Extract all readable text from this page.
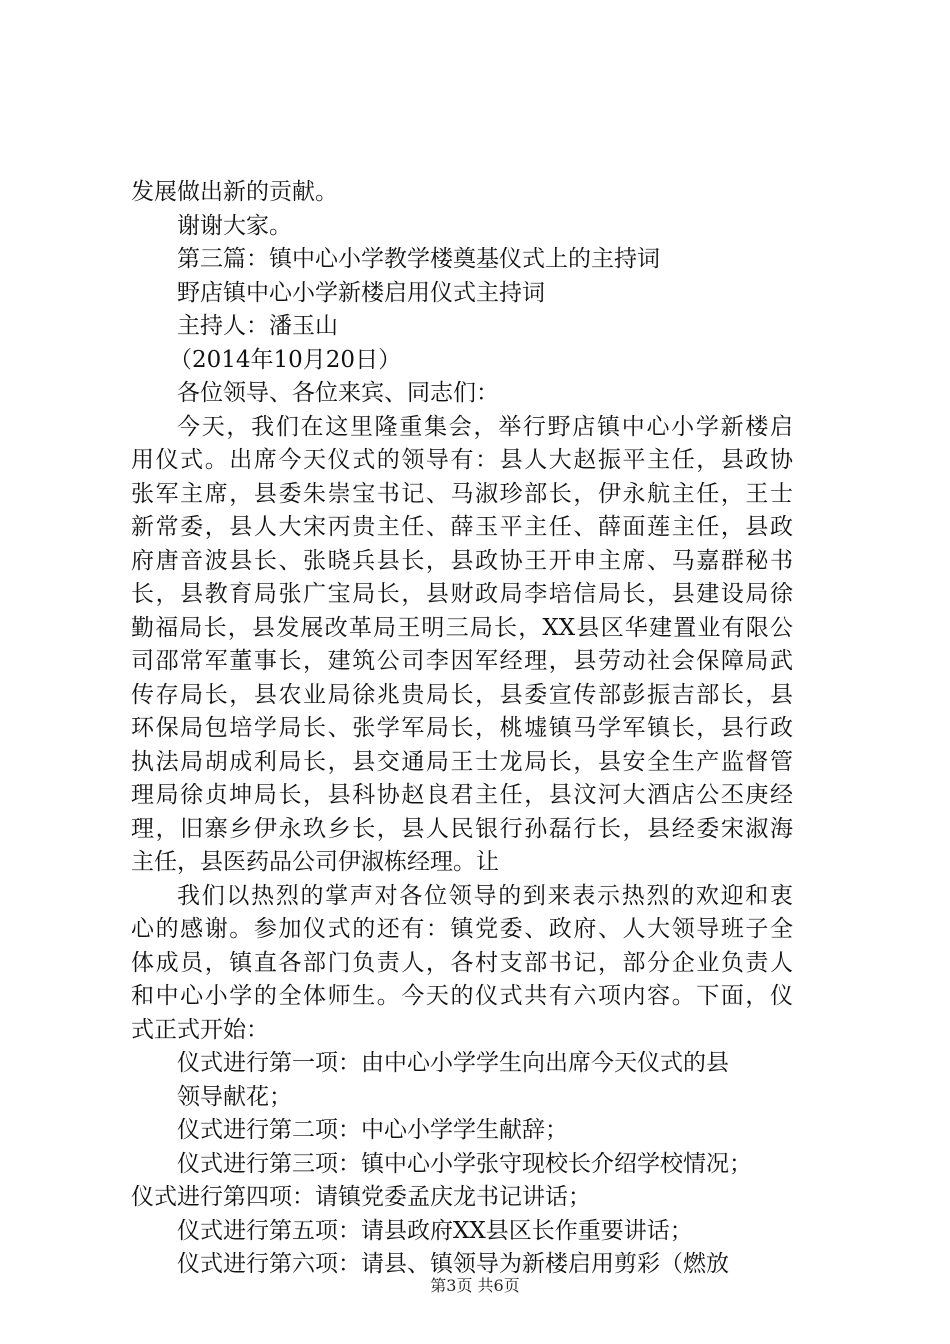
发展做出新的贡献。
谢谢大家。
第三篇：镇中心小学教学楼奠基仪式上的主持词
野店镇中心小学新楼启用仪式主持词
主持人：潘玉山
（2014年10月20日）
各位领导、各位来宾、同志们：
今天，我们在这里隆重集会，举行野店镇中心小学新楼启
用仪式。出席今天仪式的领导有：县人大赵振平主任，县政协
张军主席，县委朱崇宝书记、马淑珍部长，伊永航主任，王士
新常委，县人大宋丙贵主任、薛玉平主任、薛面莲主任，县政
府唐音波县长、张晓兵县长，县政协王开申主席、马嘉群秘书
长，县教育局张广宝局长，县财政局李培信局长，县建设局徐
勤福局长，县发展改革局王明三局长，XX县区华建置业有限公
司邵常军董事长，建筑公司李因军经理，县劳动社会保障局武
传存局长，县农业局徐兆贵局长，县委宣传部彭振吉部长，县
环保局包培学局长、张学军局长，桃墟镇马学军镇长，县行政
执法局胡成利局长，县交通局王士龙局长，县安全生产监督管
理局徐贞坤局长，县科协赵良君主任，县汶河大酒店公丕庚经
理，旧寨乡伊永玖乡长，县人民银行孙磊行长，县经委宋淑海
主任，县医药品公司伊淑栋经理。让
我们以热烈的掌声对各位领导的到来表示热烈的欢迎和衷
心的感谢。参加仪式的还有：镇党委、政府、人大领导班子全
体成员，镇直各部门负责人，各村支部书记，部分企业负责人
和中心小学的全体师生。今天的仪式共有六项内容。下面，仪
式正式开始：
仪式进行第一项：由中心小学学生向出席今天仪式的县
领导献花；
仪式进行第二项：中心小学学生献辞；
仪式进行第三项：镇中心小学张守现校长介绍学校情况；
仪式进行第四项：请镇党委孟庆龙书记讲话；
仪式进行第五项：请县政府XX县区长作重要讲话；
仪式进行第六项：请县、镇领导为新楼启用剪彩（燃放
第3页 共6页
